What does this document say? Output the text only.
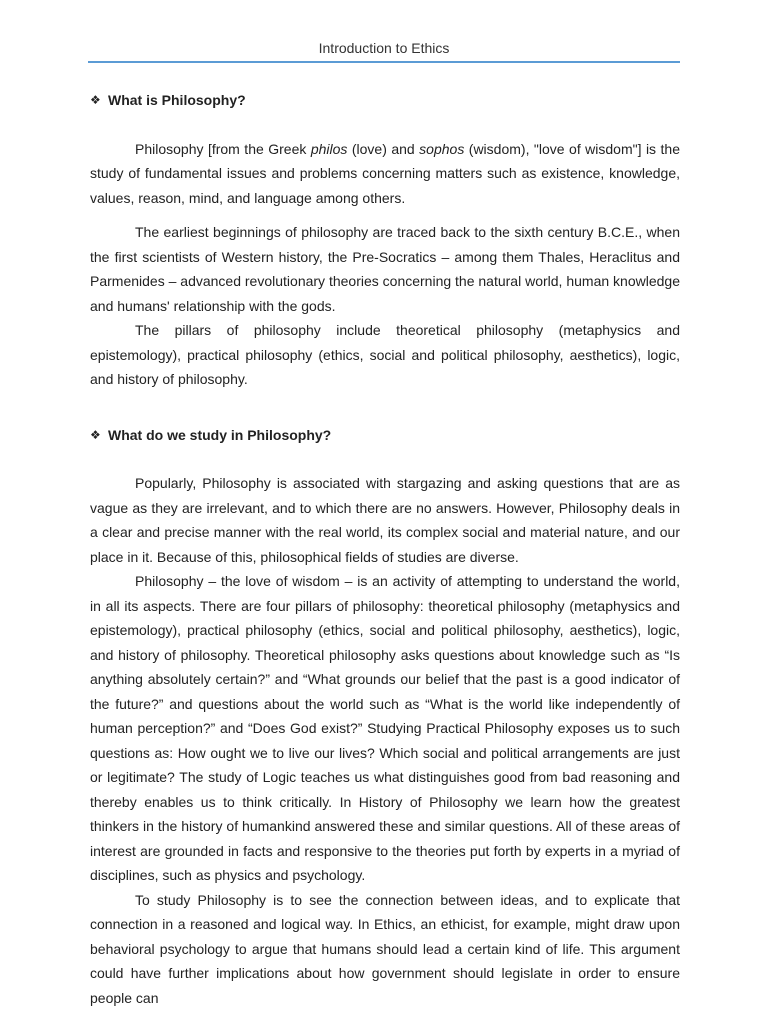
Introduction to Ethics
❖ What is Philosophy?

Philosophy [from the Greek philos (love) and sophos (wisdom), "love of wisdom"] is the study of fundamental issues and problems concerning matters such as existence, knowledge, values, reason, mind, and language among others.

The earliest beginnings of philosophy are traced back to the sixth century B.C.E., when the first scientists of Western history, the Pre-Socratics – among them Thales, Heraclitus and Parmenides – advanced revolutionary theories concerning the natural world, human knowledge and humans' relationship with the gods.

The pillars of philosophy include theoretical philosophy (metaphysics and epistemology), practical philosophy (ethics, social and political philosophy, aesthetics), logic, and history of philosophy.

❖ What do we study in Philosophy?

Popularly, Philosophy is associated with stargazing and asking questions that are as vague as they are irrelevant, and to which there are no answers. However, Philosophy deals in a clear and precise manner with the real world, its complex social and material nature, and our place in it. Because of this, philosophical fields of studies are diverse.

Philosophy – the love of wisdom – is an activity of attempting to understand the world, in all its aspects. There are four pillars of philosophy: theoretical philosophy (metaphysics and epistemology), practical philosophy (ethics, social and political philosophy, aesthetics), logic, and history of philosophy. Theoretical philosophy asks questions about knowledge such as “Is anything absolutely certain?” and “What grounds our belief that the past is a good indicator of the future?” and questions about the world such as “What is the world like independently of human perception?” and “Does God exist?” Studying Practical Philosophy exposes us to such questions as: How ought we to live our lives? Which social and political arrangements are just or legitimate? The study of Logic teaches us what distinguishes good from bad reasoning and thereby enables us to think critically. In History of Philosophy we learn how the greatest thinkers in the history of humankind answered these and similar questions. All of these areas of interest are grounded in facts and responsive to the theories put forth by experts in a myriad of disciplines, such as physics and psychology.

To study Philosophy is to see the connection between ideas, and to explicate that connection in a reasoned and logical way. In Ethics, an ethicist, for example, might draw upon behavioral psychology to argue that humans should lead a certain kind of life. This argument could have further implications about how government should legislate in order to ensure people can
